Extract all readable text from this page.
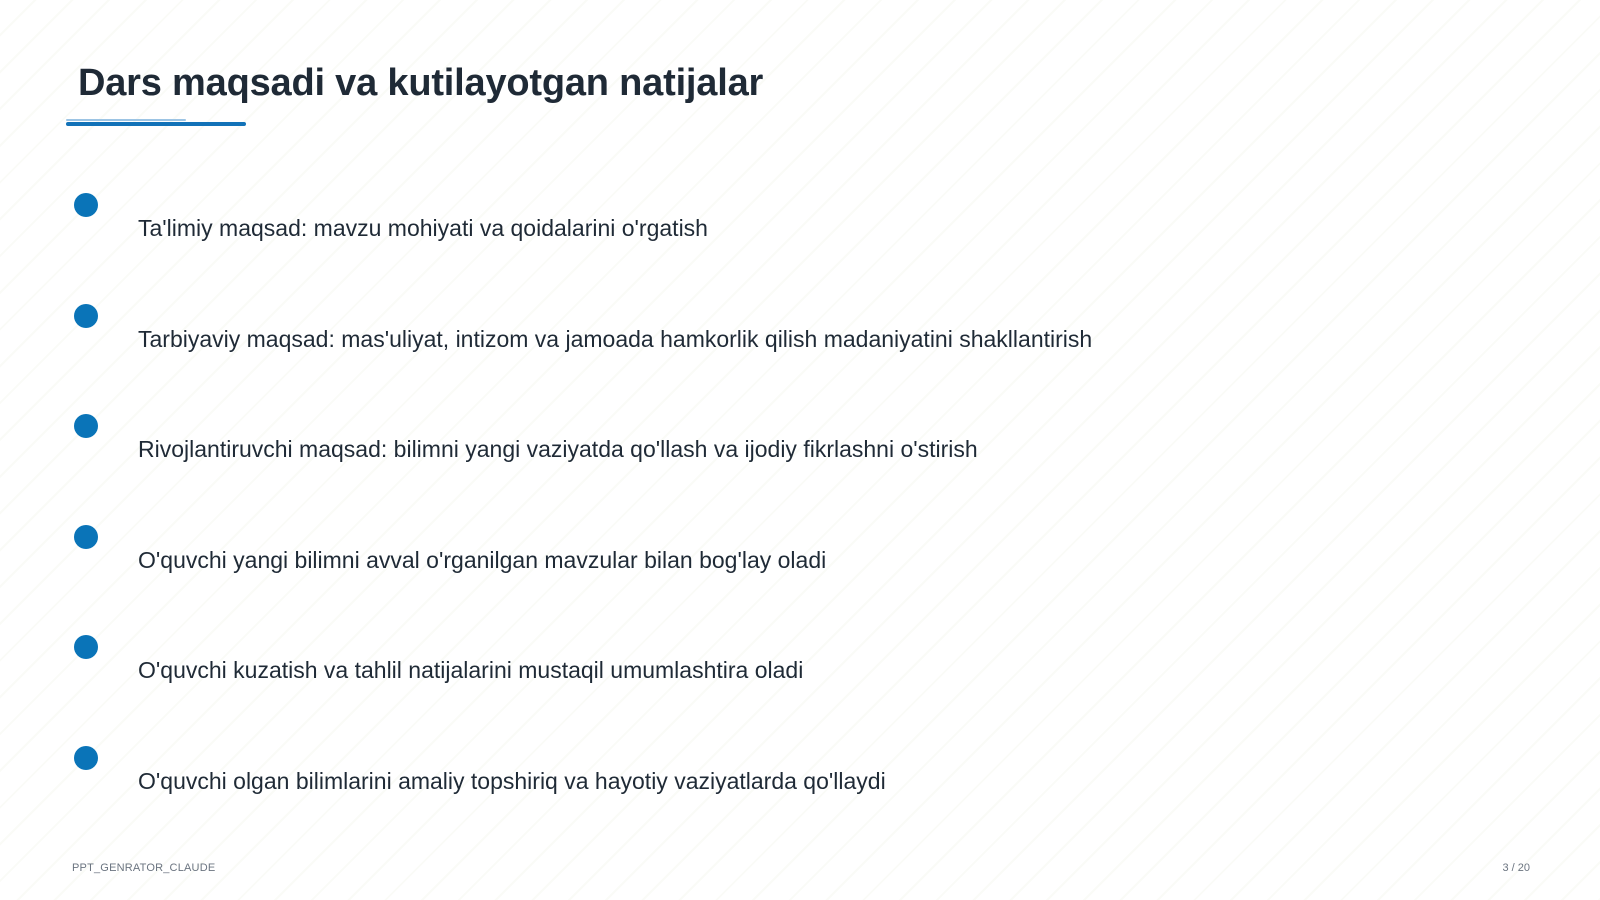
Dars maqsadi va kutilayotgan natijalar
Ta'limiy maqsad: mavzu mohiyati va qoidalarini o'rgatish
Tarbiyaviy maqsad: mas'uliyat, intizom va jamoada hamkorlik qilish madaniyatini shakllantirish
Rivojlantiruvchi maqsad: bilimni yangi vaziyatda qo'llash va ijodiy fikrlashni o'stirish
O'quvchi yangi bilimni avval o'rganilgan mavzular bilan bog'lay oladi
O'quvchi kuzatish va tahlil natijalarini mustaqil umumlashtira oladi
O'quvchi olgan bilimlarini amaliy topshiriq va hayotiy vaziyatlarda qo'llaydi
PPT_GENRATOR_CLAUDE	3 / 20
